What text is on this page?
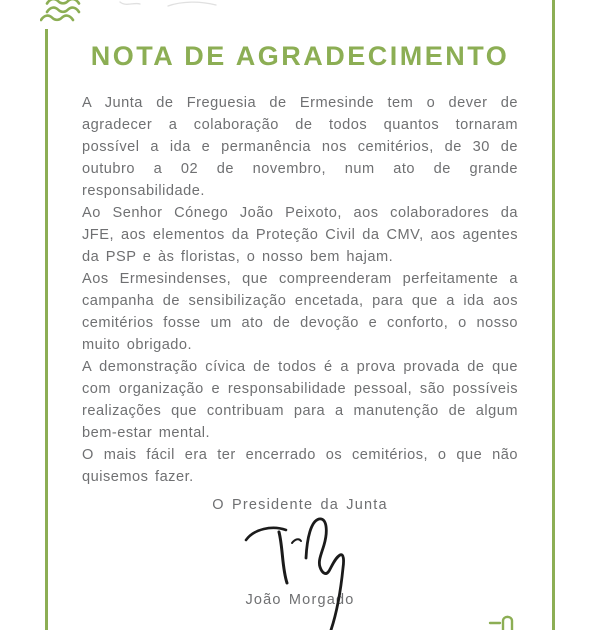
NOTA DE AGRADECIMENTO

A Junta de Freguesia de Ermesinde tem o dever de agradecer a colaboração de todos quantos tornaram possível a ida e permanência nos cemitérios, de 30 de outubro a 02 de novembro, num ato de grande responsabilidade.

Ao Senhor Cónego João Peixoto, aos colaboradores da JFE, aos elementos da Proteção Civil da CMV, aos agentes da PSP e às floristas, o nosso bem hajam.

Aos Ermesindenses, que compreenderam perfeitamente a campanha de sensibilização encetada, para que a ida aos cemitérios fosse um ato de devoção e conforto, o nosso muito obrigado.

A demonstração cívica de todos é a prova provada de que com organização e responsabilidade pessoal, são possíveis realizações que contribuam para a manutenção de algum bem-estar mental.

O mais fácil era ter encerrado os cemitérios, o que não quisemos fazer.

O Presidente da Junta
João Morgado
